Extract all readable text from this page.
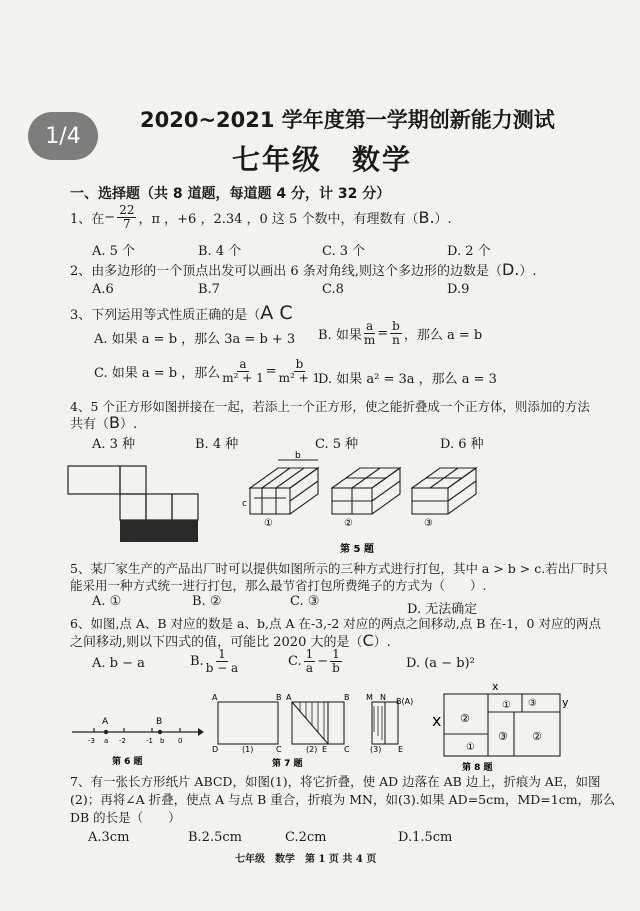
1/4
2020~2021 学年度第一学期创新能力测试
七年级　数学
一、选择题（共 8 道题，每道题 4 分，计 32 分）
1、在 − $\frac{22}{7}$ ，π ，+6 ，2.34 ，0 这 5 个数中，有理数有（ B. ）.
A. 5 个	B. 4 个	C. 3 个	D. 2 个
2、由多边形的一个顶点出发可以画出 6 条对角线,则这个多边形的边数是（D.）.
A.6	B.7	C.8	D.9
3、下列运用等式性质正确的是（A C
A. 如果 a = b ，那么 3a = b + 3 B. 如果 $\frac{a}{m} = \frac{b}{n}$ ，那么 a = b
C. 如果 a = b ，那么 $\frac{a}{\text{m² + 1}} = \frac{b}{\text{m² + 1}}$
D. 如果 a² = 3a ，那么 a = 3
4、5 个正方形如图拼接在一起，若添上一个正方形，使之能折叠成一个正方体，则添加的方法
共有（B）.
A. 3 种	B. 4 种	C. 5 种	D. 6 种
第 4 题
b
c
①	②	③
第 5 题
5、某厂家生产的产品出厂时可以提供如图所示的三种方式进行打包，其中 a > b > c.若出厂时只
能采用一种方式统一进行打包，那么最节省打包所费绳子的方式为（　　）.
A. ①	B. ②	C. ③
D. 无法确定
6、如图,点 A、B 对应的数是 a、b,点 A 在-3,-2 对应的两点之间移动,点 B 在-1，0 对应的两点
之间移动,则以下四式的值，可能比 2020 大的是（C）.
A. b − a	B. $\frac{1}{b - a}$	C. $\frac{1}{a} - \frac{1}{b}$	D. (a − b)²
A	B
-3 a -2	-1 b 0
第 6 题
A	B
D	C
(1)
A	B
E C
(2)
M N B(A)
(3) E
第 7 题
x
x
y
②
①
③ ②
①
③
第 8 题
7、有一张长方形纸片 ABCD，如图(1)，将它折叠，使 AD 边落在 AB 边上，折痕为 AE，如图
(2)；再将∠A 折叠，使点 A 与点 B 重合，折痕为 MN，如(3).如果 AD=5cm，MD=1cm，那么
DB 的长是（　　）
A.3cm	B.2.5cm	C.2cm	D.1.5cm
七年级　数学　第 1 页 共 4 页
